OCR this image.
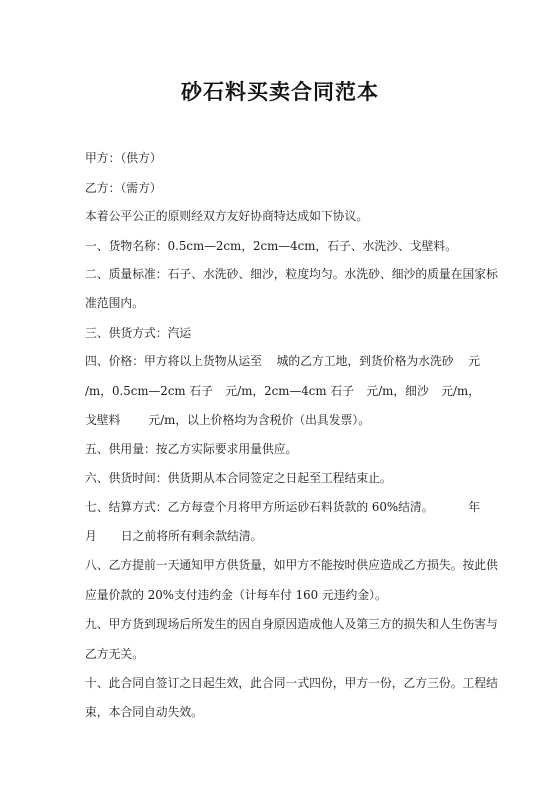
砂石料买卖合同范本
甲方：（供方）
乙方：（需方）
本着公平公正的原则经双方友好协商特达成如下协议。
一、货物名称：0.5cm—2cm，2cm—4cm，石子、水洗沙、戈壁料。
二、质量标准：石子、水洗砂、细沙，粒度均匀。水洗砂、细沙的质量在国家标
准范围内。
三、供货方式：汽运
四、价格：甲方将以上货物从运至 城的乙方工地，到货价格为水洗砂 元
/m，0.5cm—2cm 石子 元/m，2cm—4cm 石子 元/m，细沙 元/m，
戈壁料 元/m，以上价格均为含税价（出具发票）。
五、供用量：按乙方实际要求用量供应。
六、供货时间：供货期从本合同签定之日起至工程结束止。
七、结算方式：乙方每壹个月将甲方所运砂石料货款的 60%结清。	年
月 日之前将所有剩余款结清。
八、乙方提前一天通知甲方供货量，如甲方不能按时供应造成乙方损失。按此供
应量价款的 20%支付违约金（计每车付 160 元违约金）。
九、甲方货到现场后所发生的因自身原因造成他人及第三方的损失和人生伤害与
乙方无关。
十、此合同自签订之日起生效，此合同一式四份，甲方一份，乙方三份。工程结
束，本合同自动失效。
